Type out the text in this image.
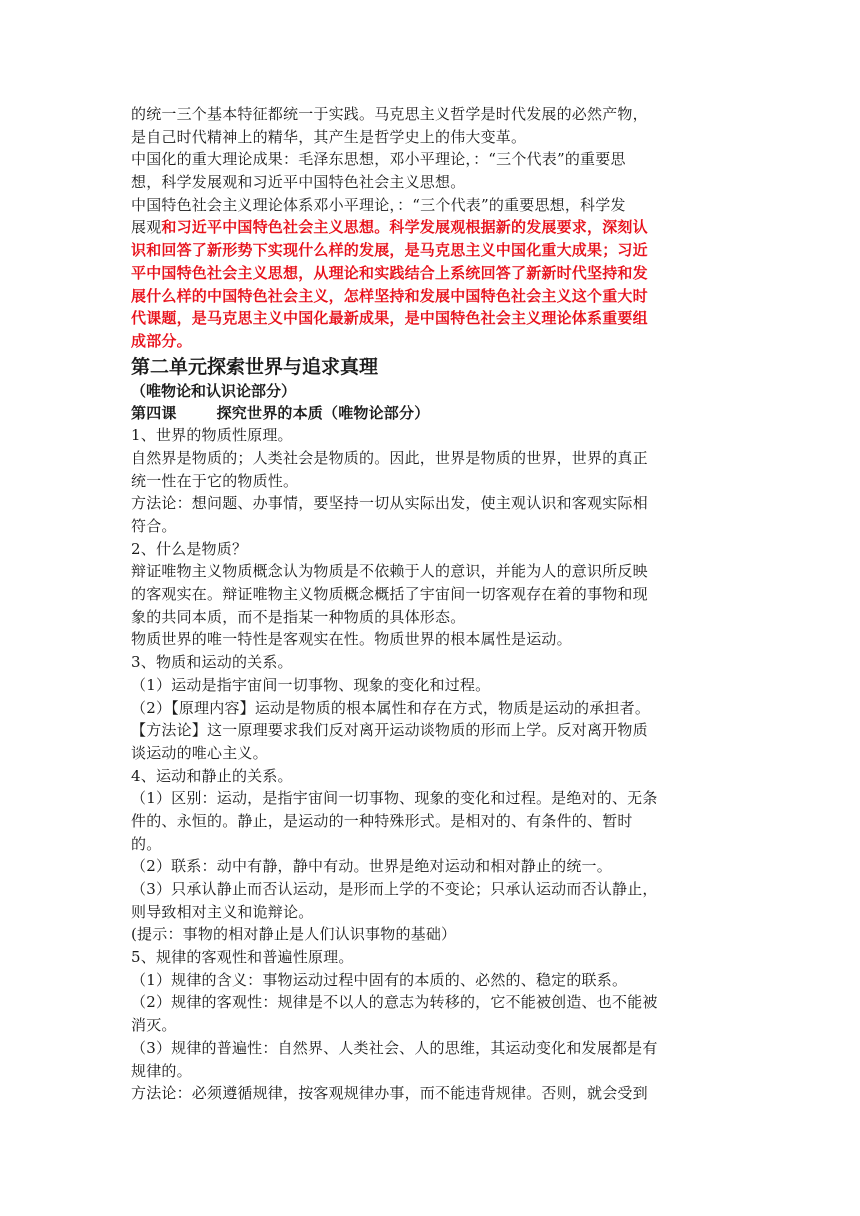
的统一三个基本特征都统一于实践。马克思主义哲学是时代发展的必然产物，
是自己时代精神上的精华，其产生是哲学史上的伟大变革。
中国化的重大理论成果：毛泽东思想，邓小平理论，：“三个代表”的重要思
想，科学发展观和习近平中国特色社会主义思想。
中国特色社会主义理论体系邓小平理论，：“三个代表”的重要思想，科学发
展观和习近平中国特色社会主义思想。科学发展观根据新的发展要求，深刻认
识和回答了新形势下实现什么样的发展，是马克思主义中国化重大成果；习近
平中国特色社会主义思想，从理论和实践结合上系统回答了新新时代坚持和发
展什么样的中国特色社会主义，怎样坚持和发展中国特色社会主义这个重大时
代课题，是马克思主义中国化最新成果，是中国特色社会主义理论体系重要组
成部分。
第二单元探索世界与追求真理
（唯物论和认识论部分）
第四课	探究世界的本质（唯物论部分）
1、世界的物质性原理。
自然界是物质的；人类社会是物质的。因此，世界是物质的世界，世界的真正
统一性在于它的物质性。
方法论：想问题、办事情，要坚持一切从实际出发，使主观认识和客观实际相
符合。
2、什么是物质？
辩证唯物主义物质概念认为物质是不依赖于人的意识，并能为人的意识所反映
的客观实在。辩证唯物主义物质概念概括了宇宙间一切客观存在着的事物和现
象的共同本质，而不是指某一种物质的具体形态。
物质世界的唯一特性是客观实在性。物质世界的根本属性是运动。
3、物质和运动的关系。
（1）运动是指宇宙间一切事物、现象的变化和过程。
（2）【原理内容】运动是物质的根本属性和存在方式，物质是运动的承担者。
【方法论】这一原理要求我们反对离开运动谈物质的形而上学。反对离开物质
谈运动的唯心主义。
4、运动和静止的关系。
（1）区别：运动，是指宇宙间一切事物、现象的变化和过程。是绝对的、无条
件的、永恒的。静止，是运动的一种特殊形式。是相对的、有条件的、暂时
的。
（2）联系：动中有静，静中有动。世界是绝对运动和相对静止的统一。
（3）只承认静止而否认运动，是形而上学的不变论；只承认运动而否认静止，
则导致相对主义和诡辩论。
(提示：事物的相对静止是人们认识事物的基础）
5、规律的客观性和普遍性原理。
（1）规律的含义：事物运动过程中固有的本质的、必然的、稳定的联系。
（2）规律的客观性：规律是不以人的意志为转移的，它不能被创造、也不能被
消灭。
（3）规律的普遍性：自然界、人类社会、人的思维，其运动变化和发展都是有
规律的。
方法论：必须遵循规律，按客观规律办事，而不能违背规律。否则，就会受到
